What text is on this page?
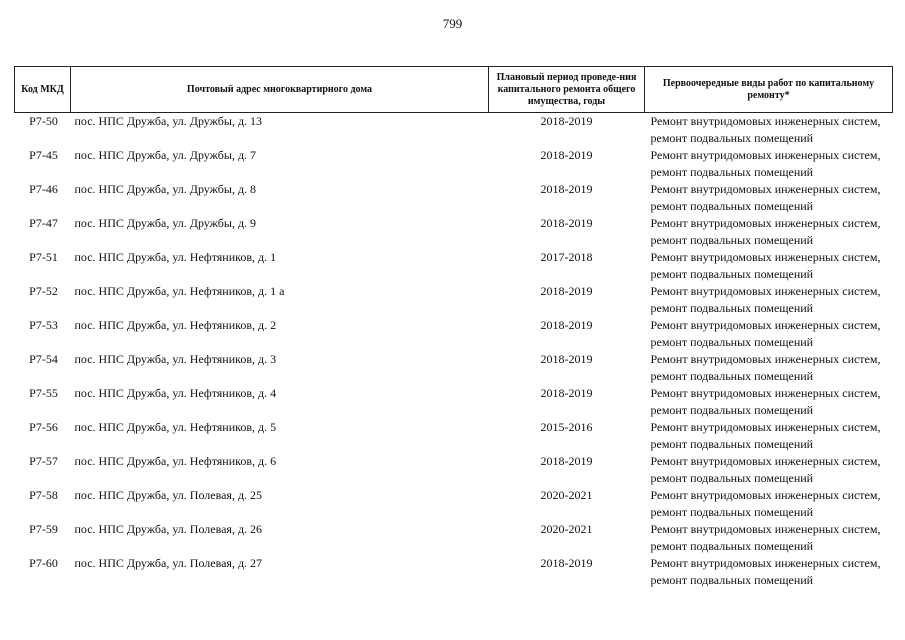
799
Код МКД	Почтовый адрес многоквартирного дома	Плановый период проведе-ния капитального ремонта общего имущества, годы	Первоочередные виды работ по капитальному ремонту*
Р7-50	пос. НПС Дружба, ул. Дружбы, д. 13	2018-2019	Ремонт внутридомовых инженерных систем,
ремонт подвальных помещений

Р7-45	пос. НПС Дружба, ул. Дружбы, д. 7	2018-2019	Ремонт внутридомовых инженерных систем,
ремонт подвальных помещений

Р7-46	пос. НПС Дружба, ул. Дружбы, д. 8	2018-2019	Ремонт внутридомовых инженерных систем,
ремонт подвальных помещений

Р7-47	пос. НПС Дружба, ул. Дружбы, д. 9	2018-2019	Ремонт внутридомовых инженерных систем,
ремонт подвальных помещений

Р7-51	пос. НПС Дружба, ул. Нефтяников, д. 1	2017-2018	Ремонт внутридомовых инженерных систем,
ремонт подвальных помещений

Р7-52	пос. НПС Дружба, ул. Нефтяников, д. 1 а	2018-2019	Ремонт внутридомовых инженерных систем,
ремонт подвальных помещений

Р7-53	пос. НПС Дружба, ул. Нефтяников, д. 2	2018-2019	Ремонт внутридомовых инженерных систем,
ремонт подвальных помещений

Р7-54	пос. НПС Дружба, ул. Нефтяников, д. 3	2018-2019	Ремонт внутридомовых инженерных систем,
ремонт подвальных помещений

Р7-55	пос. НПС Дружба, ул. Нефтяников, д. 4	2018-2019	Ремонт внутридомовых инженерных систем,
ремонт подвальных помещений

Р7-56	пос. НПС Дружба, ул. Нефтяников, д. 5	2015-2016	Ремонт внутридомовых инженерных систем,
ремонт подвальных помещений

Р7-57	пос. НПС Дружба, ул. Нефтяников, д. 6	2018-2019	Ремонт внутридомовых инженерных систем,
ремонт подвальных помещений

Р7-58	пос. НПС Дружба, ул. Полевая, д. 25	2020-2021	Ремонт внутридомовых инженерных систем,
ремонт подвальных помещений

Р7-59	пос. НПС Дружба, ул. Полевая, д. 26	2020-2021	Ремонт внутридомовых инженерных систем,
ремонт подвальных помещений

Р7-60	пос. НПС Дружба, ул. Полевая, д. 27	2018-2019	Ремонт внутридомовых инженерных систем,
ремонт подвальных помещений
